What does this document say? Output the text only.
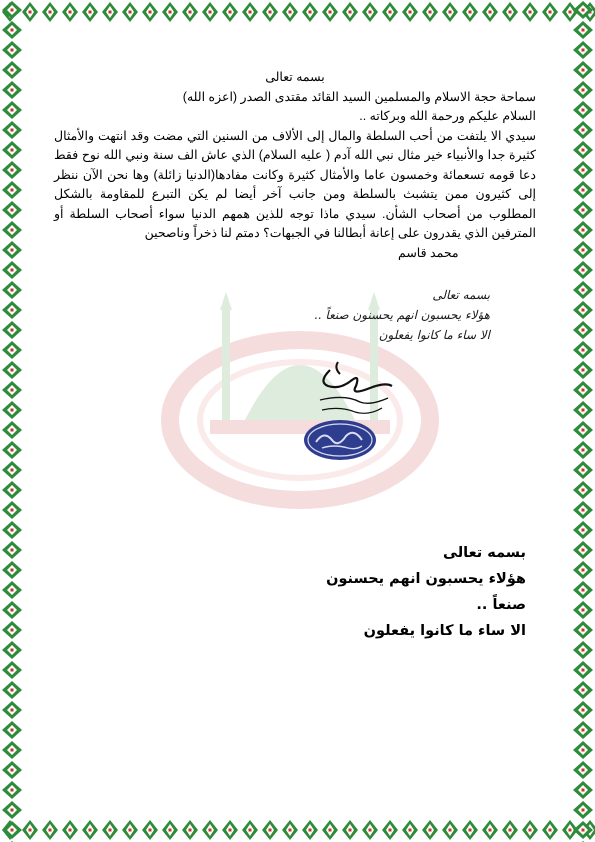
بسمه تعالى

سماحة حجة الاسلام والمسلمين السيد القائد مقتدى الصدر (اعزه الله)

السلام عليكم ورحمة الله وبركاته ..

سيدي الا يلتفت من أحب السلطة والمال إلى الألاف من السنين التي مضت وقد انتهت والأمثال كثيرة جدا والأنبياء خير مثال نبي الله آدم ( عليه السلام) الذي عاش الف سنة ونبي الله نوح فقط دعا قومه تسعمائة وخمسون عاما والأمثال كثيرة وكانت مفادها(الدنيا زائلة) وها نحن الآن ننظر إلى كثيرون ممن يتشبث بالسلطة ومن جانب آخر أيضا لم يكن التبرع للمقاومة بالشكل المطلوب من أصحاب الشأن. سيدي ماذا توجه للذين همهم الدنيا سواء أصحاب السلطة أو المترفين الذي يقدرون على إعانة أبطالنا في الجبهات؟ دمتم لنا ذخراً وناصحين

محمد قاسم

بسمه تعالى
هؤلاء يحسبون انهم يحسنون صنعاً ..
الا ساء ما كانوا يفعلون

بسمه تعالى

هؤلاء يحسبون انهم يحسنون صنعاً ..

الا ساء ما كانوا يفعلون
